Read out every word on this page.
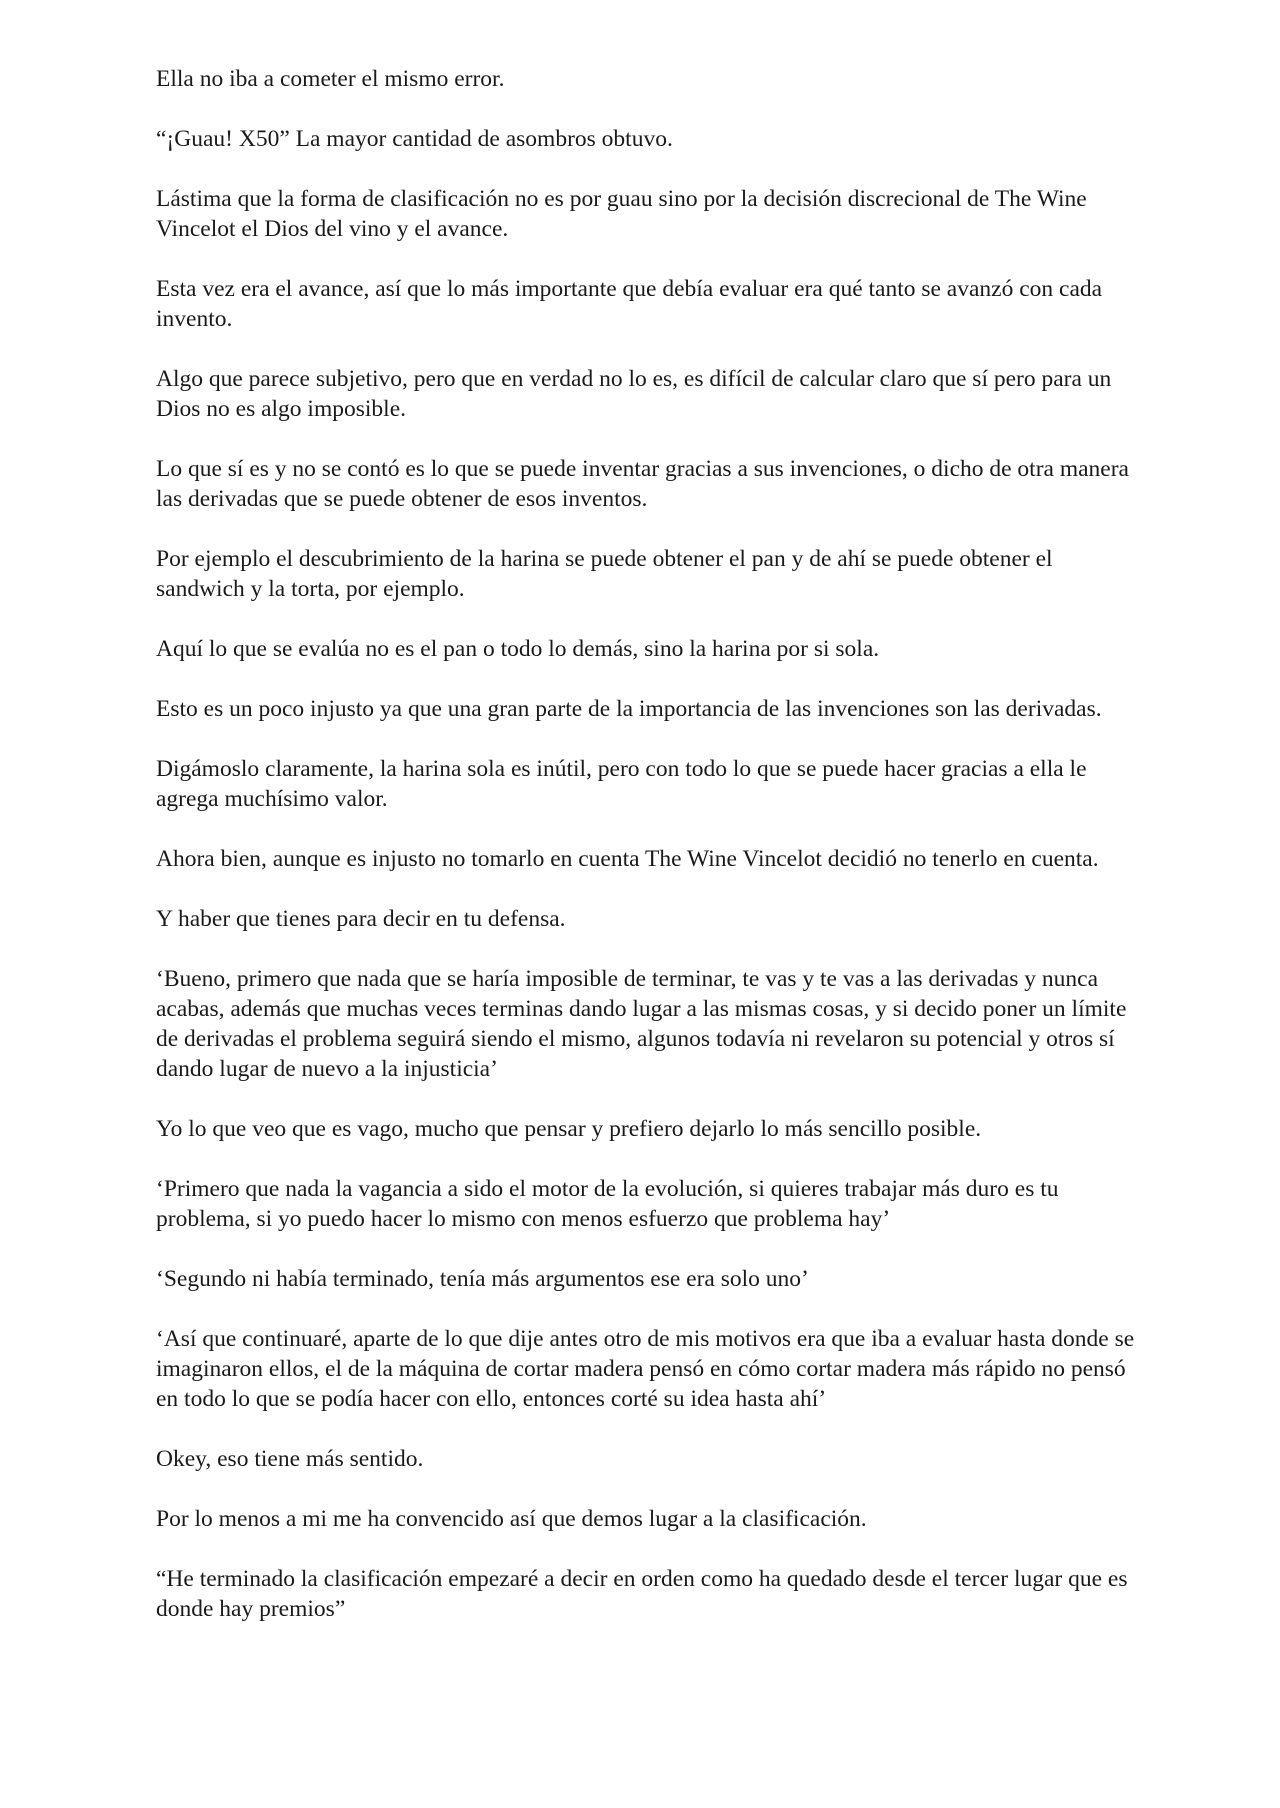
Ella no iba a cometer el mismo error.

“¡Guau! X50” La mayor cantidad de asombros obtuvo.

Lástima que la forma de clasificación no es por guau sino por la decisión discrecional de The Wine Vincelot el Dios del vino y el avance.

Esta vez era el avance, así que lo más importante que debía evaluar era qué tanto se avanzó con cada invento.

Algo que parece subjetivo, pero que en verdad no lo es, es difícil de calcular claro que sí pero para un Dios no es algo imposible.

Lo que sí es y no se contó es lo que se puede inventar gracias a sus invenciones, o dicho de otra manera las derivadas que se puede obtener de esos inventos.

Por ejemplo el descubrimiento de la harina se puede obtener el pan y de ahí se puede obtener el sandwich y la torta, por ejemplo.

Aquí lo que se evalúa no es el pan o todo lo demás, sino la harina por si sola.

Esto es un poco injusto ya que una gran parte de la importancia de las invenciones son las derivadas.

Digámoslo claramente, la harina sola es inútil, pero con todo lo que se puede hacer gracias a ella le agrega muchísimo valor.

Ahora bien, aunque es injusto no tomarlo en cuenta The Wine Vincelot decidió no tenerlo en cuenta.

Y haber que tienes para decir en tu defensa.

‘Bueno, primero que nada que se haría imposible de terminar, te vas y te vas a las derivadas y nunca acabas, además que muchas veces terminas dando lugar a las mismas cosas, y si decido poner un límite de derivadas el problema seguirá siendo el mismo, algunos todavía ni revelaron su potencial y otros sí dando lugar de nuevo a la injusticia’

Yo lo que veo que es vago, mucho que pensar y prefiero dejarlo lo más sencillo posible.

‘Primero que nada la vagancia a sido el motor de la evolución, si quieres trabajar más duro es tu problema, si yo puedo hacer lo mismo con menos esfuerzo que problema hay’

‘Segundo ni había terminado, tenía más argumentos ese era solo uno’

‘Así que continuaré, aparte de lo que dije antes otro de mis motivos era que iba a evaluar hasta donde se imaginaron ellos, el de la máquina de cortar madera pensó en cómo cortar madera más rápido no pensó en todo lo que se podía hacer con ello, entonces corté su idea hasta ahí’

Okey, eso tiene más sentido.

Por lo menos a mi me ha convencido así que demos lugar a la clasificación.

“He terminado la clasificación empezaré a decir en orden como ha quedado desde el tercer lugar que es donde hay premios”
